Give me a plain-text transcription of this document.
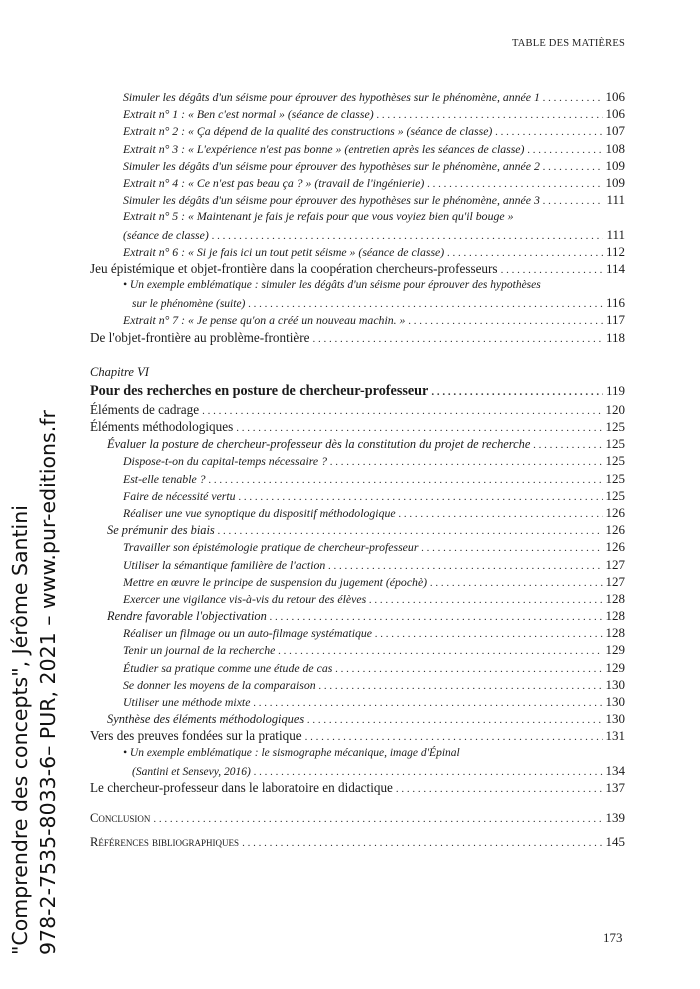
TABLE DES MATIÈRES
Simuler les dégâts d'un séisme pour éprouver des hypothèses sur le phénomène, année 1 . . .	106
Extrait n° 1 : « Ben c'est normal » (séance de classe) . . .	106
Extrait n° 2 : « Ça dépend de la qualité des constructions » (séance de classe) . . .	107
Extrait n° 3 : « L'expérience n'est pas bonne » (entretien après les séances de classe) . . .	108
Simuler les dégâts d'un séisme pour éprouver des hypothèses sur le phénomène, année 2 . . .	109
Extrait n° 4 : « Ce n'est pas beau ça ? » (travail de l'ingénierie) . . .	109
Simuler les dégâts d'un séisme pour éprouver des hypothèses sur le phénomène, année 3 . . .	111
Extrait n° 5 : « Maintenant je fais je refais pour que vous voyiez bien qu'il bouge »
(séance de classe) . . .	111
Extrait n° 6 : « Si je fais ici un tout petit séisme » (séance de classe) . . .	112
Jeu épistémique et objet-frontière dans la coopération chercheurs-professeurs . . .	114
• Un exemple emblématique : simuler les dégâts d'un séisme pour éprouver des hypothèses
sur le phénomène (suite) . . .	116
Extrait n° 7 : « Je pense qu'on a créé un nouveau machin. » . . .	117
De l'objet-frontière au problème-frontière . . .	118
Chapitre VI
Pour des recherches en posture de chercheur-professeur . . .	119
Éléments de cadrage . . .	120
Éléments méthodologiques . . .	125
Évaluer la posture de chercheur-professeur dès la constitution du projet de recherche . . .	125
Dispose-t-on du capital-temps nécessaire ? . . .	125
Est-elle tenable ? . . .	125
Faire de nécessité vertu . . .	125
Réaliser une vue synoptique du dispositif méthodologique . . .	126
Se prémunir des biais . . .	126
Travailler son épistémologie pratique de chercheur-professeur . . .	126
Utiliser la sémantique familière de l'action . . .	127
Mettre en œuvre le principe de suspension du jugement (épochè) . . .	127
Exercer une vigilance vis-à-vis du retour des élèves . . .	128
Rendre favorable l'objectivation . . .	128
Réaliser un filmage ou un auto-filmage systématique . . .	128
Tenir un journal de la recherche . . .	129
Étudier sa pratique comme une étude de cas . . .	129
Se donner les moyens de la comparaison . . .	130
Utiliser une méthode mixte . . .	130
Synthèse des éléments méthodologiques . . .	130
Vers des preuves fondées sur la pratique . . .	131
• Un exemple emblématique : le sismographe mécanique, image d'Épinal
(Santini et Sensevy, 2016) . . .	134
Le chercheur-professeur dans le laboratoire en didactique . . .	137
Conclusion . . .	139
Références bibliographiques . . .	145
173
"Comprendre des concepts", Jérôme Santini 978-2-7535-8033-6– PUR, 2021 – www.pur-editions.fr
